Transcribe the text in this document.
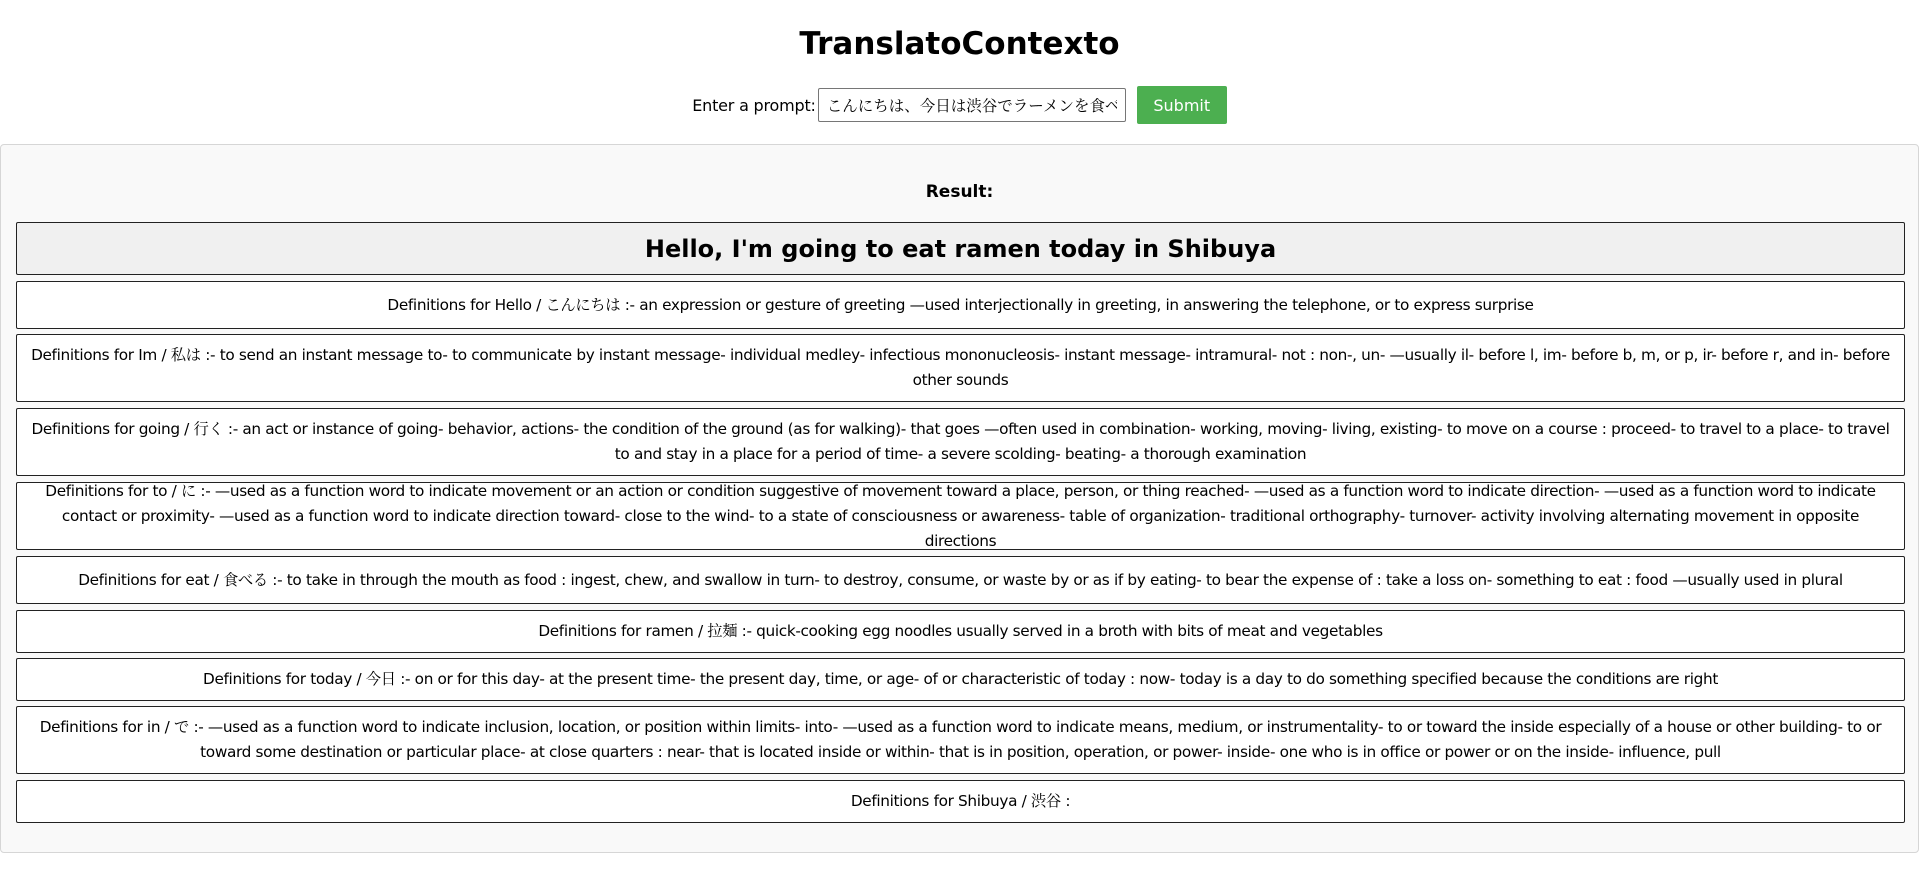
TranslatoContexto
Enter a prompt:
こんにちは、今日は渋谷でラーメンを食べに行きます	Submit
Result:
Hello, I'm going to eat ramen today in Shibuya
Definitions for Hello / こんにちは :- an expression or gesture of greeting —used interjectionally in greeting, in answering the telephone, or to express surprise
Definitions for Im / 私は :- to send an instant message to- to communicate by instant message- individual medley- infectious mononucleosis- instant message- intramural- not : non-, un- —usually il- before l, im- before b, m, or p, ir- before r, and in- before other sounds
Definitions for going / 行く :- an act or instance of going- behavior, actions- the condition of the ground (as for walking)- that goes —often used in combination- working, moving- living, existing- to move on a course : proceed- to travel to a place- to travel to and stay in a place for a period of time- a severe scolding- beating- a thorough examination
Definitions for to / に :- —used as a function word to indicate movement or an action or condition suggestive of movement toward a place, person, or thing reached- —used as a function word to indicate direction- —used as a function word to indicate contact or proximity- —used as a function word to indicate direction toward- close to the wind- to a state of consciousness or awareness- table of organization- traditional orthography- turnover- activity involving alternating movement in opposite directions
Definitions for eat / 食べる :- to take in through the mouth as food : ingest, chew, and swallow in turn- to destroy, consume, or waste by or as if by eating- to bear the expense of : take a loss on- something to eat : food —usually used in plural
Definitions for ramen / 拉麺 :- quick-cooking egg noodles usually served in a broth with bits of meat and vegetables
Definitions for today / 今日 :- on or for this day- at the present time- the present day, time, or age- of or characteristic of today : now- today is a day to do something specified because the conditions are right
Definitions for in / で :- —used as a function word to indicate inclusion, location, or position within limits- into- —used as a function word to indicate means, medium, or instrumentality- to or toward the inside especially of a house or other building- to or toward some destination or particular place- at close quarters : near- that is located inside or within- that is in position, operation, or power- inside- one who is in office or power or on the inside- influence, pull
Definitions for Shibuya / 渋谷 :
